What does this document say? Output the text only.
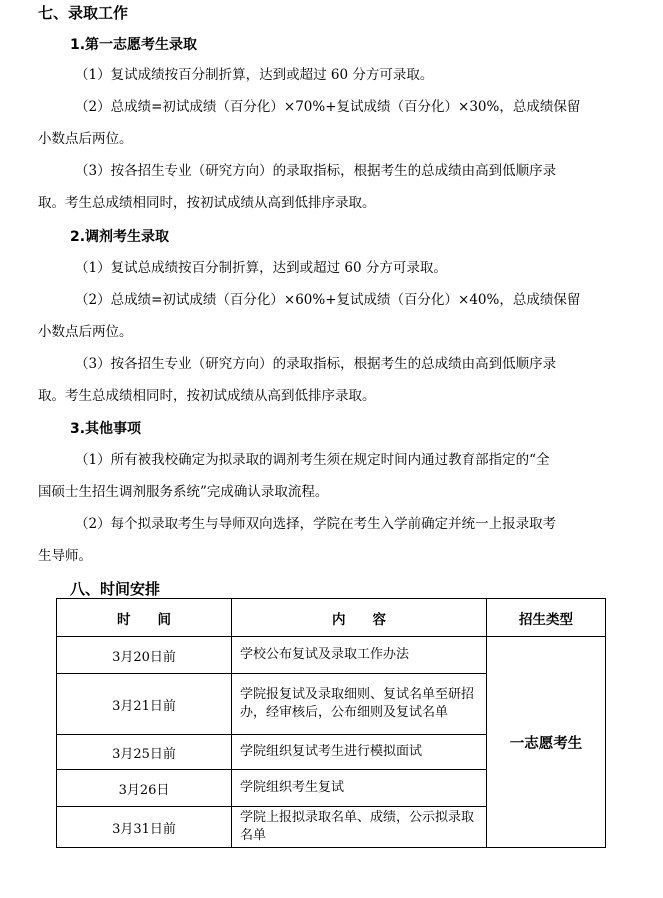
七、录取工作
1.第一志愿考生录取
（1）复试成绩按百分制折算，达到或超过 60 分方可录取。
（2）总成绩=初试成绩（百分化）×70%+复试成绩（百分化）×30%，总成绩保留
小数点后两位。
（3）按各招生专业（研究方向）的录取指标，根据考生的总成绩由高到低顺序录
取。考生总成绩相同时，按初试成绩从高到低排序录取。
2.调剂考生录取
（1）复试总成绩按百分制折算，达到或超过 60 分方可录取。
（2）总成绩=初试成绩（百分化）×60%+复试成绩（百分化）×40%，总成绩保留
小数点后两位。
（3）按各招生专业（研究方向）的录取指标，根据考生的总成绩由高到低顺序录
取。考生总成绩相同时，按初试成绩从高到低排序录取。
3.其他事项
（1）所有被我校确定为拟录取的调剂考生须在规定时间内通过教育部指定的“全
国硕士生招生调剂服务系统”完成确认录取流程。
（2）每个拟录取考生与导师双向选择，学院在考生入学前确定并统一上报录取考
生导师。
八、时间安排
时　　间	内　　容	招生类型
3月20日前	学校公布复试及录取工作办法	一志愿考生
3月21日前	学院报复试及录取细则、复试名单至研招办，经审核后，公布细则及复试名单	
3月25日前	学院组织复试考生进行模拟面试	
3月26日	学院组织考生复试	
3月31日前	学院上报拟录取名单、成绩，公示拟录取名单	
